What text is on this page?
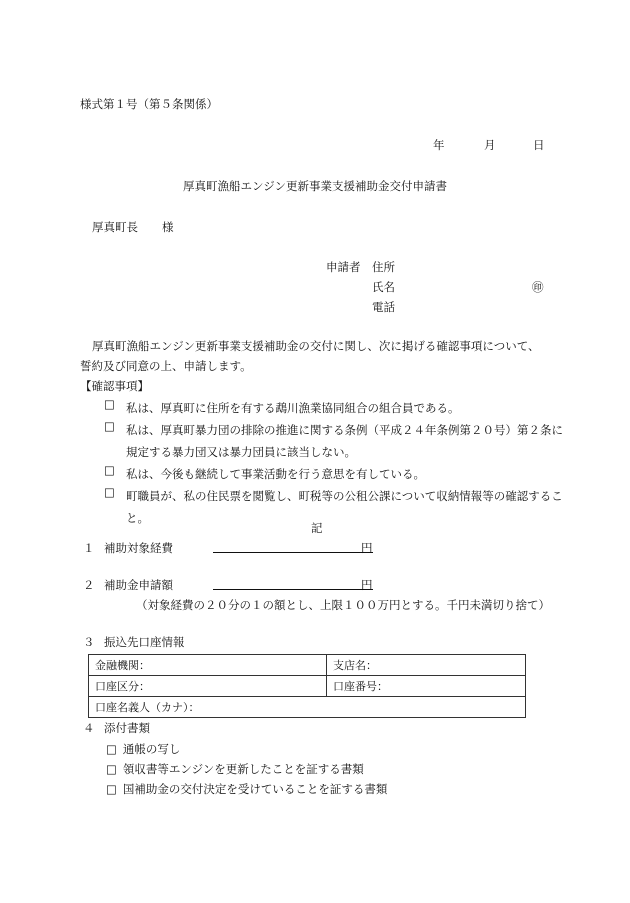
様式第１号（第５条関係）
年	月	日
厚真町漁船エンジン更新事業支援補助金交付申請書
厚真町長 様
申請者 住所
氏名	㊞
電話
厚真町漁船エンジン更新事業支援補助金の交付に関し、次に掲げる確認事項について、
誓約及び同意の上、申請します。
【確認事項】
□ 私は、厚真町に住所を有する鵡川漁業協同組合の組合員である。
□ 私は、厚真町暴力団の排除の推進に関する条例（平成２４年条例第２０号）第２条に規定する暴力団又は暴力団員に該当しない。
□ 私は、今後も継続して事業活動を行う意思を有している。
□ 町職員が、私の住民票を閲覧し、町税等の公租公課について収納情報等の確認すること。
記
１ 補助対象経費	円
２ 補助金申請額	円
（対象経費の２０分の１の額とし、上限１００万円とする。千円未満切り捨て）
３ 振込先口座情報
金融機関：	支店名：
口座区分：	口座番号：
口座名義人（カナ）：	
４ 添付書類
□ 通帳の写し
□ 領収書等エンジンを更新したことを証する書類
□ 国補助金の交付決定を受けていることを証する書類
